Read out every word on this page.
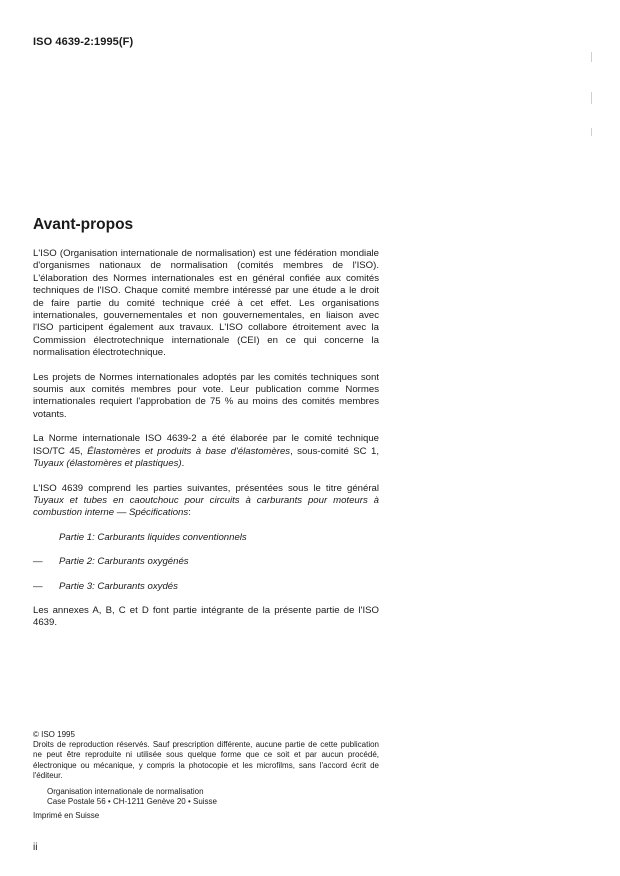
ISO 4639-2:1995(F)
Avant-propos

L'ISO (Organisation internationale de normalisation) est une fédération mondiale d'organismes nationaux de normalisation (comités membres de l'ISO). L'élaboration des Normes internationales est en général confiée aux comités techniques de l'ISO. Chaque comité membre intéressé par une étude a le droit de faire partie du comité technique créé à cet effet. Les organisations internationales, gouvernementales et non gouvernementales, en liaison avec l'ISO participent également aux travaux. L'ISO collabore étroitement avec la Commission électrotechnique internationale (CEI) en ce qui concerne la normalisation électrotechnique.

Les projets de Normes internationales adoptés par les comités techniques sont soumis aux comités membres pour vote. Leur publication comme Normes internationales requiert l'approbation de 75 % au moins des comités membres votants.

La Norme internationale ISO 4639-2 a été élaborée par le comité technique ISO/TC 45, Élastomères et produits à base d'élastomères, sous-comité SC 1, Tuyaux (élastomères et plastiques).

L'ISO 4639 comprend les parties suivantes, présentées sous le titre général Tuyaux et tubes en caoutchouc pour circuits à carburants pour moteurs à combustion interne — Spécifications:

Partie 1: Carburants liquides conventionnels
— Partie 2: Carburants oxygénés
— Partie 3: Carburants oxydés

Les annexes A, B, C et D font partie intégrante de la présente partie de l'ISO 4639.

© ISO 1995

Droits de reproduction réservés. Sauf prescription différente, aucune partie de cette publication ne peut être reproduite ni utilisée sous quelque forme que ce soit et par aucun procédé, électronique ou mécanique, y compris la photocopie et les microfilms, sans l'accord écrit de l'éditeur.

Organisation internationale de normalisation

Case Postale 56 • CH-1211 Genève 20 • Suisse

Imprimé en Suisse

ii
